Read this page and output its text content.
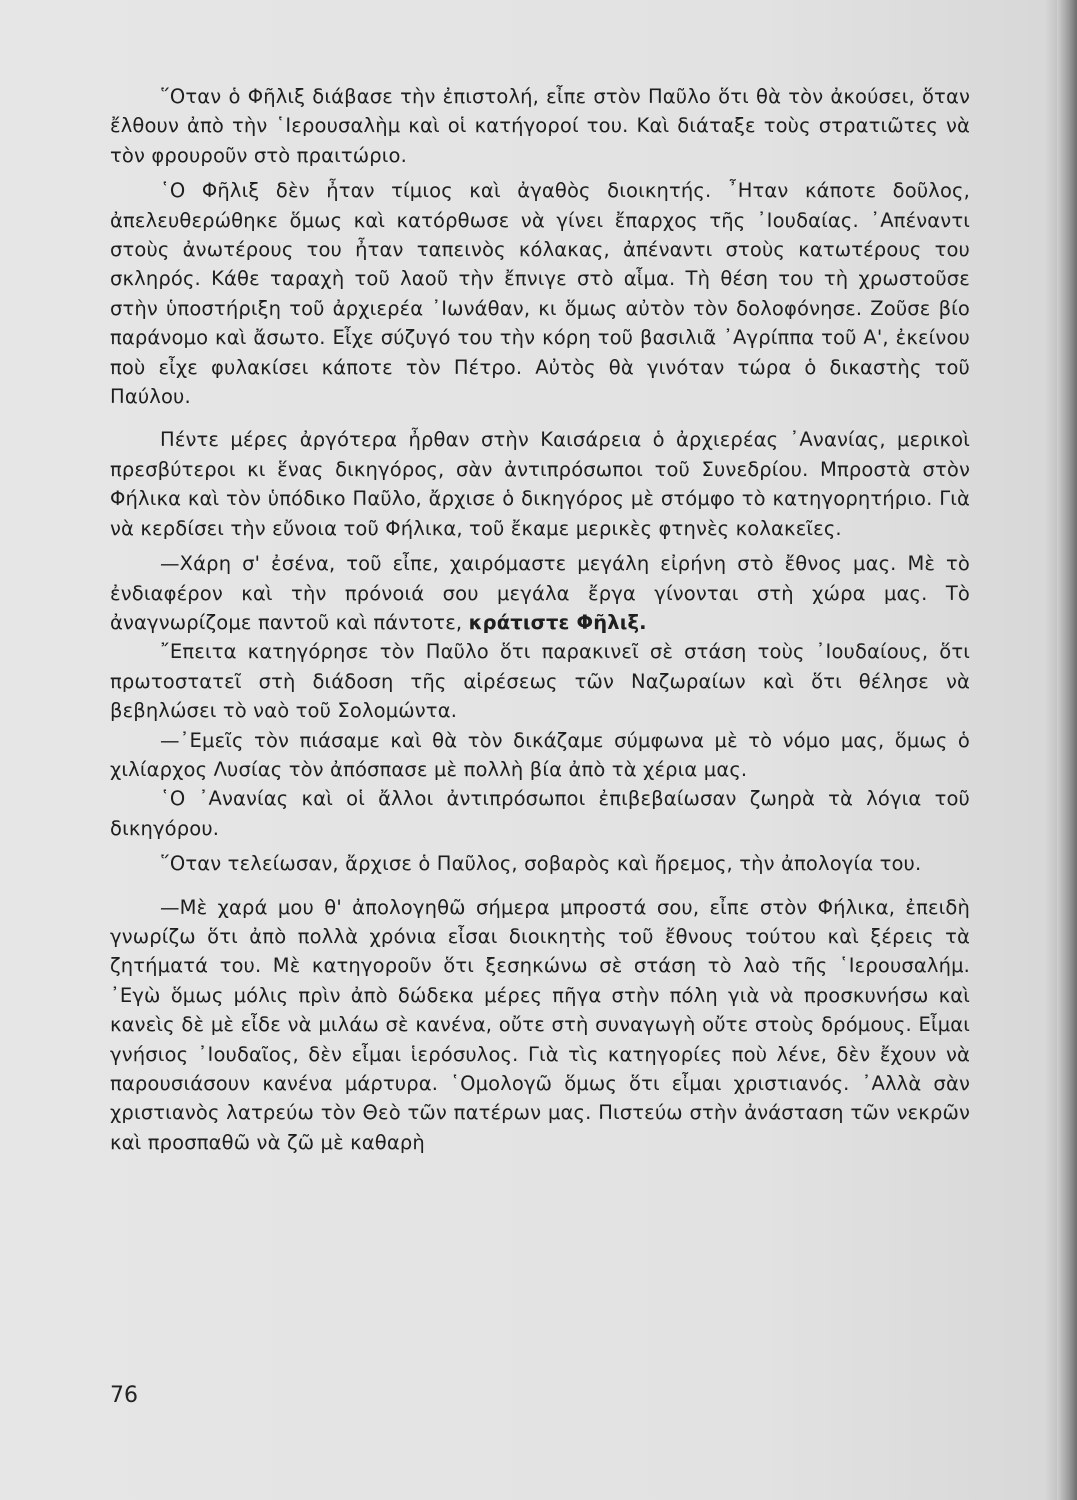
῞Οταν ὁ Φῆλιξ διάβασε τὴν ἐπιστολή, εἶπε στὸν Παῦλο ὅτι θὰ τὸν ἀκούσει, ὅταν ἔλθουν ἀπὸ τὴν ῾Ιερουσαλὴμ καὶ οἱ κατήγοροί του. Καὶ διάταξε τοὺς στρατιῶτες νὰ τὸν φρουροῦν στὸ πραιτώριο.

῾Ο Φῆλιξ δὲν ἦταν τίμιος καὶ ἀγαθὸς διοικητής. ῏Ηταν κάποτε δοῦλος, ἀπελευθερώθηκε ὅμως καὶ κατόρθωσε νὰ γίνει ἔπαρχος τῆς ᾿Ιουδαίας. ᾿Απέναντι στοὺς ἀνωτέρους του ἦταν ταπεινὸς κόλακας, ἀπέναντι στοὺς κατωτέρους του σκληρός. Κάθε ταραχὴ τοῦ λαοῦ τὴν ἔπνιγε στὸ αἷμα. Τὴ θέση του τὴ χρωστοῦσε στὴν ὑποστήριξη τοῦ ἀρχιερέα ᾿Ιωνάθαν, κι ὅμως αὐτὸν τὸν δολοφόνησε. Ζοῦσε βίο παράνομο καὶ ἄσωτο. Εἶχε σύζυγό του τὴν κόρη τοῦ βασιλιᾶ ᾿Αγρίππα τοῦ Α', ἐκείνου ποὺ εἶχε φυλακίσει κάποτε τὸν Πέτρο. Αὐτὸς θὰ γινόταν τώρα ὁ δικαστὴς τοῦ Παύλου.

Πέντε μέρες ἀργότερα ἦρθαν στὴν Καισάρεια ὁ ἀρχιερέας ᾿Ανανίας, μερικοὶ πρεσβύτεροι κι ἕνας δικηγόρος, σὰν ἀντιπρόσωποι τοῦ Συνεδρίου. Μπροστὰ στὸν Φήλικα καὶ τὸν ὑπόδικο Παῦλο, ἄρχισε ὁ δικηγόρος μὲ στόμφο τὸ κατηγορητήριο. Γιὰ νὰ κερδίσει τὴν εὔνοια τοῦ Φήλικα, τοῦ ἔκαμε μερικὲς φτηνὲς κολακεῖες.

—Χάρη σ' ἐσένα, τοῦ εἶπε, χαιρόμαστε μεγάλη εἰρήνη στὸ ἔθνος μας. Μὲ τὸ ἐνδιαφέρον καὶ τὴν πρόνοιά σου μεγάλα ἔργα γίνονται στὴ χώρα μας. Τὸ ἀναγνωρίζομε παντοῦ καὶ πάντοτε, κράτιστε Φῆλιξ.

῎Επειτα κατηγόρησε τὸν Παῦλο ὅτι παρακινεῖ σὲ στάση τοὺς ᾿Ιουδαίους, ὅτι πρωτοστατεῖ στὴ διάδοση τῆς αἱρέσεως τῶν Ναζωραίων καὶ ὅτι θέλησε νὰ βεβηλώσει τὸ ναὸ τοῦ Σολομώντα.

—᾿Εμεῖς τὸν πιάσαμε καὶ θὰ τὸν δικάζαμε σύμφωνα μὲ τὸ νόμο μας, ὅμως ὁ χιλίαρχος Λυσίας τὸν ἀπόσπασε μὲ πολλὴ βία ἀπὸ τὰ χέρια μας.

῾Ο ᾿Ανανίας καὶ οἱ ἄλλοι ἀντιπρόσωποι ἐπιβεβαίωσαν ζωηρὰ τὰ λόγια τοῦ δικηγόρου.

῞Οταν τελείωσαν, ἄρχισε ὁ Παῦλος, σοβαρὸς καὶ ἤρεμος, τὴν ἀπολογία του.

—Μὲ χαρά μου θ' ἀπολογηθῶ σήμερα μπροστά σου, εἶπε στὸν Φήλικα, ἐπειδὴ γνωρίζω ὅτι ἀπὸ πολλὰ χρόνια εἶσαι διοικητὴς τοῦ ἔθνους τούτου καὶ ξέρεις τὰ ζητήματά του. Μὲ κατηγοροῦν ὅτι ξεσηκώνω σὲ στάση τὸ λαὸ τῆς ῾Ιερουσαλήμ. ᾿Εγὼ ὅμως μόλις πρὶν ἀπὸ δώδεκα μέρες πῆγα στὴν πόλη γιὰ νὰ προσκυνήσω καὶ κανεὶς δὲ μὲ εἶδε νὰ μιλάω σὲ κανένα, οὔτε στὴ συναγωγὴ οὔτε στοὺς δρόμους. Εἶμαι γνήσιος ᾿Ιουδαῖος, δὲν εἶμαι ἱερόσυλος. Γιὰ τὶς κατηγορίες ποὺ λένε, δὲν ἔχουν νὰ παρουσιάσουν κανένα μάρτυρα. ῾Ομολογῶ ὅμως ὅτι εἶμαι χριστιανός. ᾿Αλλὰ σὰν χριστιανὸς λατρεύω τὸν Θεὸ τῶν πατέρων μας. Πιστεύω στὴν ἀνάσταση τῶν νεκρῶν καὶ προσπαθῶ νὰ ζῶ μὲ καθαρὴ

76
